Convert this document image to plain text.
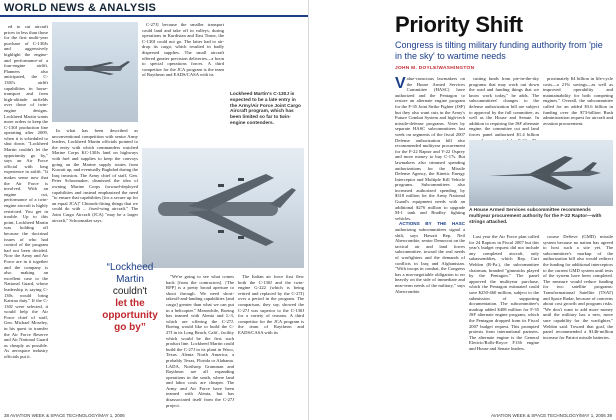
WORLD NEWS & ANALYSIS

ed to cut aircraft prices in less than those for the first multi-year purchase of C-130Js and aggressively highlight the engine-and performance-of a four-engine airlift. Planners also anticipated, the C-130J's airlift capabilities in horse-transport and from high-altitude airfields over those of twin-engine designs. Lockheed Martin wants more orders to keep the C-130J production line operating after 2009, when it is scheduled to shut down. "Lockheed Martin couldn't let the opportunity go by," says an Air Force official with long experience in airlift. "It makes sense now that the Air Force is involved. With an engine cut, performance of a twin-engine aircraft is highly restricted. You get in trouble. Up to this point, Lockheed Martin was holding off because the doctrinal issues of who had control of the program had not been decided. Now the Army and Air Force are in it together and the company is also making an excellent case to the National Guard, whose leadership is saying C-130s would bring Katrina duty." If the C-130J were selected, it would help the Air Force chief of staff, Gen. Michael Moseley, in his quest to transfer the Air Force Reserve and Air National Guard as cheaply as possible. As aerospace industry officials put it.

In what has been described as unconventional competition with senior Army leaders, Lockheed Martin officials pointed to the entry with which commanders watched Marine Corps KC-130Js land on highways with fuel and supplies to keep the convoys going on the Marine supply routes from Kuwait up, and eventually Baghdad during the Iraq invasion. The Army chief of staff, Gen. Peter Schoomaker, dismissed the idea of owning Marine Corps forward-deployed capabilities and instead emphasized the need "to ensure that capabilities [for a secure up for an equal JCA]" Chinook-fitting things that we could do with ... fixed-wing aircraft." The Joint Cargo Aircraft (JCA) "may be a larger aircraft," Schoomaker says.

C-27J] because the smaller transport could land and take off in valleys, during operations in Kurdistan and East Timor, the C-130J could not go. The latter had to air-drop its cargo, which resulted in badly dispersed supplies. The small aircraft offered greater precision deliveries—a boon to special operations forces. A third competitor for the JCA program is the team of Raytheon and EADS/CASA with its

Lockheed Martin's C-130J is expected to be a late entry in the Army/Air Force Joint Cargo Aircraft program, which has been limited so far to twin-engine contenders.
“Lockheed Martin
couldn't
let the
opportunity go by”

"We're going to see what comes back [from the contractors]. [The RFP] is a pretty broad aperture to shoot through. We need short-takeoff-and-landing capabilities [and cargo] greater than what we can put in a helicopter." Meanwhile, Boeing has teamed with Alenia and L-3, which are offering the C-27J. Boeing would like to build the C-27J in its Long Beach, Calif., facility which would be the first such product line. Lockheed Martin could build the C-27J in its plant in Waco, Texas. Alenia North America, a probably Texas, Florida or Alabama. LADA, Northrop Grumman and Raytheon are all expanding operations in the south, where land and labor costs are cheaper. The Army and Air Force have been teamed with Alenia, but has disassociated itself from the C-27J project.

The Italian air force first flew both the C-130J and the twin-engine G-222 (which is being retired and replaced by the C-27J) over a period in the program. The comparison, they say, showed the C-27J was superior to the C-130J for a variety of reasons. A third competitor for the JCA program is the team of Raytheon and EADS/CASA with its

38 AVIATION WEEK & SPACE TECHNOLOGY/MAY 1, 2006
Priority Shift
Congress is tilting military funding authority from 'pie in the sky' to wartime needs
JOHN M. DOYLE/WASHINGTON

Value-conscious lawmakers on the House Armed Services Committee (HASC) have authorized and the Pentagon to restore an alternate engine program for the F-35 Joint Strike Fighter (JSF) but they also want cuts in the Army's Future Combat System and high-tech missile-defense programs. Votes by separate HASC subcommittees last week on segments of the fiscal 2007 Defense authorization bill also recommended multiyear procurement for the F-22 Raptor and V-22 Osprey and more money to buy C-17s. But lawmakers also trimmed spending authorizations for the Missile Defense Agency, the Kinetic Energy Interceptor and Multiple Kill Vehicle programs. Subcommittees also increased authorized spending by $318 million for the Army National Guard's equipment needs with an additional $276 million to upgrade M-1 tank and Bradley fighting vehicles.

ACTIONS BY THE HASC authorizing subcommittees signal a shift, says Hawaii Rep. Neil Abercrombie, senior Democrat on the tactical air and land forces subcommittee, toward the real needs of warfighters and the demands of conflicts in Iraq and Afghanistan. "With troops in combat, the Congress has a non-negotiable obligation to err heavily on the side of immediate and near-term needs of the military," says Abercrombie.

cutting funds from pie-in-the-sky programs that may work out down the road and funding things that we know work today," he adds. The subcommittees' changes to the defense authorization bill are subject to approval by the full committee, as well as the House and Senate. In addition to requiring the JSF alternate engine, the committee cut and land forces panel authorized $1.4 billion

proximately $4 billion in life-cycle costs—a 21% savings—as well as improved operability and maintainability for both competing engines." Overall, the subcommittee called for an added $3.6 billion in funding over the $73-billion Bush administration request for aircraft and aviation procurement.

A House Armed Services subcommittee recommends multiyear procurement authority for the F-22 Raptor—with strings attached.

Last year the Air Force plan called for 24 Raptors in Fiscal 2007 but this year's budget request did not include any completed aircraft, only subassemblies, which Rep. Curt Weldon (R-Pa.), the subcommittee chairman, branded "gimmicks played by the Pentagon." The panel approved the multiyear purchase, which the Pentagon estimated could save $250-460 million, subject to the submission of supporting documentation. The subcommittee's markup added $408 million for F-35 JSF alternate engine program, which the Pentagon dropped from its Fiscal 2007 budget request. This prompted protests from international partners. The alternate engine is the General Electric/Rolls-Royce F136 engine and House and Senate leaders.

course DeSeve (GMD) missile system because no nation has agreed to host such a site yet. The subcommittee's markup of the authorization bill also would redirect the funding for additional interceptors to the current GMD system until tests of the system have been completed. The measure would reduce funding for two satellite programs: Transformational Satellite (TSAT) and Space Radar, because of concerns about cost growth and program risks. "We don't want to add more money until the military has a new, more sure capability for the warfighter," Weldon said. Toward that goal, the panel recommended a $146-million increase for Patriot missile batteries.

AVIATION WEEK & SPACE TECHNOLOGY/MAY 1, 2006 39
